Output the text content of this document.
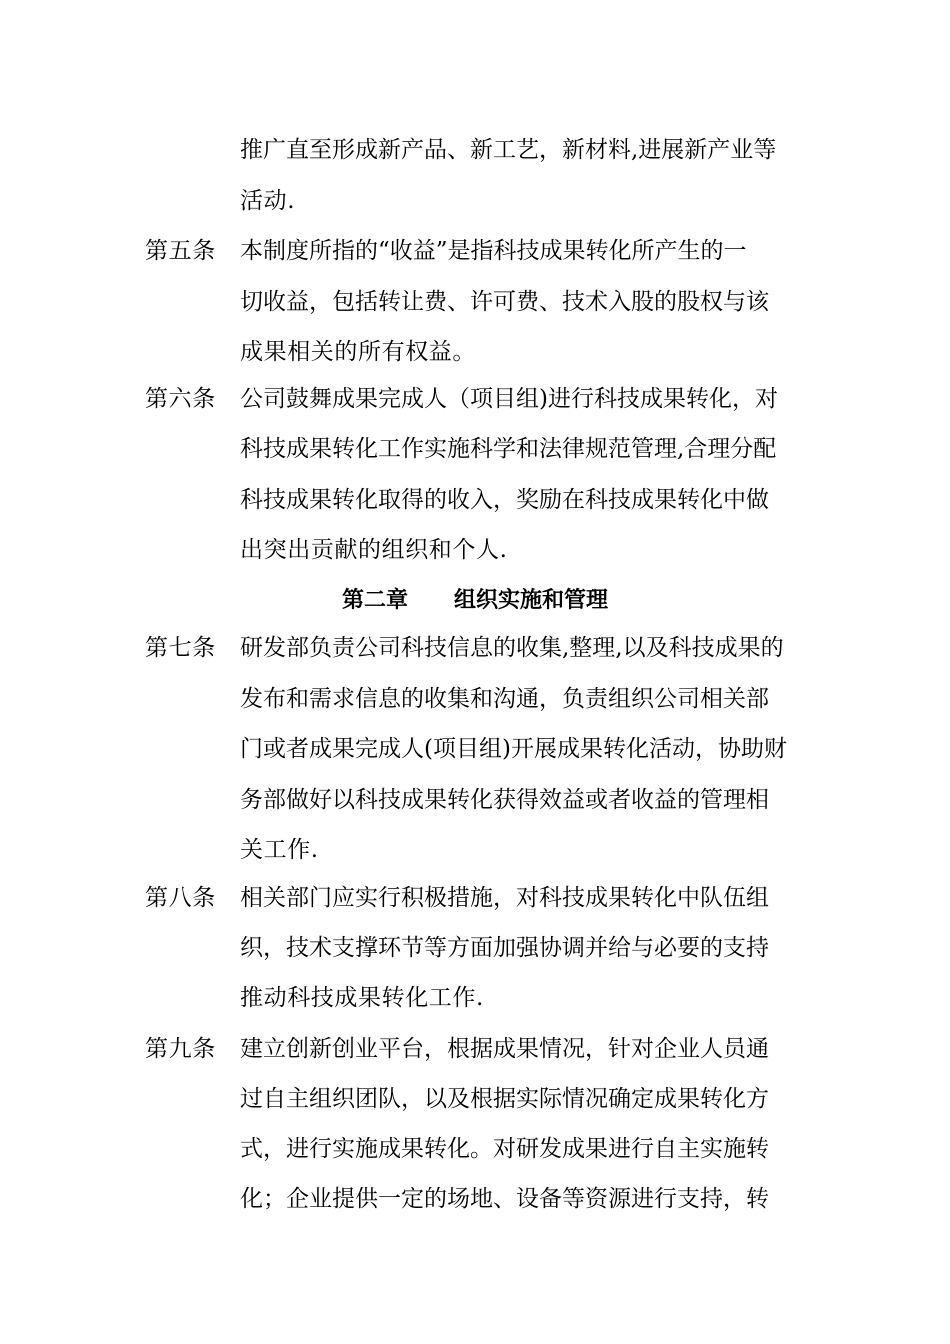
推广直至形成新产品、新工艺，新材料,进展新产业等
活动.
第五条 本制度所指的“收益”是指科技成果转化所产生的一
切收益，包括转让费、许可费、技术入股的股权与该
成果相关的所有权益。
第六条 公司鼓舞成果完成人（项目组)进行科技成果转化，对
科技成果转化工作实施科学和法律规范管理,合理分配
科技成果转化取得的收入，奖励在科技成果转化中做
出突出贡献的组织和个人.
第二章 组织实施和管理
第七条 研发部负责公司科技信息的收集,整理,以及科技成果的
发布和需求信息的收集和沟通，负责组织公司相关部
门或者成果完成人(项目组)开展成果转化活动，协助财
务部做好以科技成果转化获得效益或者收益的管理相
关工作.
第八条 相关部门应实行积极措施，对科技成果转化中队伍组
织，技术支撑环节等方面加强协调并给与必要的支持
推动科技成果转化工作.
第九条 建立创新创业平台，根据成果情况，针对企业人员通
过自主组织团队，以及根据实际情况确定成果转化方
式，进行实施成果转化。对研发成果进行自主实施转
化；企业提供一定的场地、设备等资源进行支持，转
